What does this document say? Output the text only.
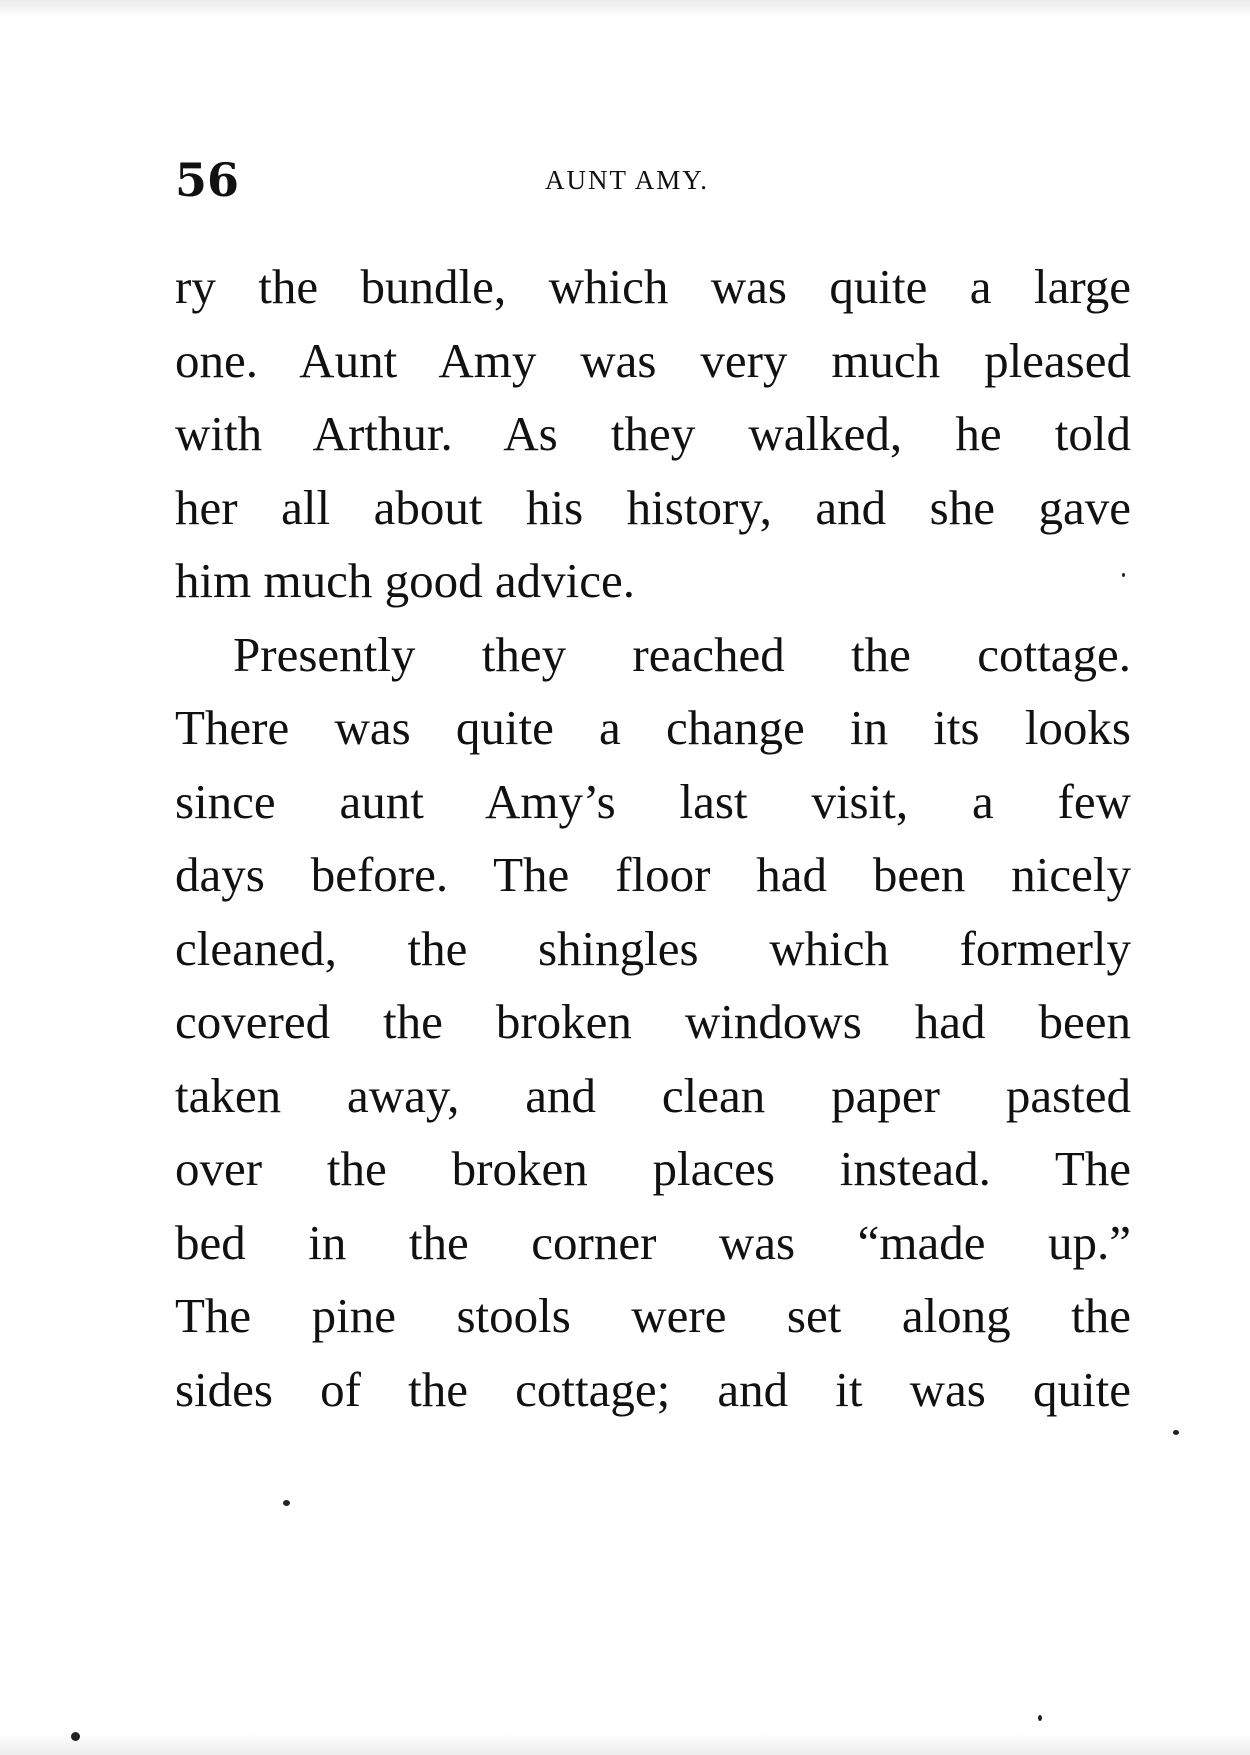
56	AUNT AMY.
ry the bundle, which was quite a large
one. Aunt Amy was very much pleased
with Arthur. As they walked, he told
her all about his history, and she gave
him much good advice.
Presently they reached the cottage.
There was quite a change in its looks
since aunt Amy’s last visit, a few
days before. The floor had been nicely
cleaned, the shingles which formerly
covered the broken windows had been
taken away, and clean paper pasted
over the broken places instead. The
bed in the corner was “made up.”
The pine stools were set along the
sides of the cottage; and it was quite
